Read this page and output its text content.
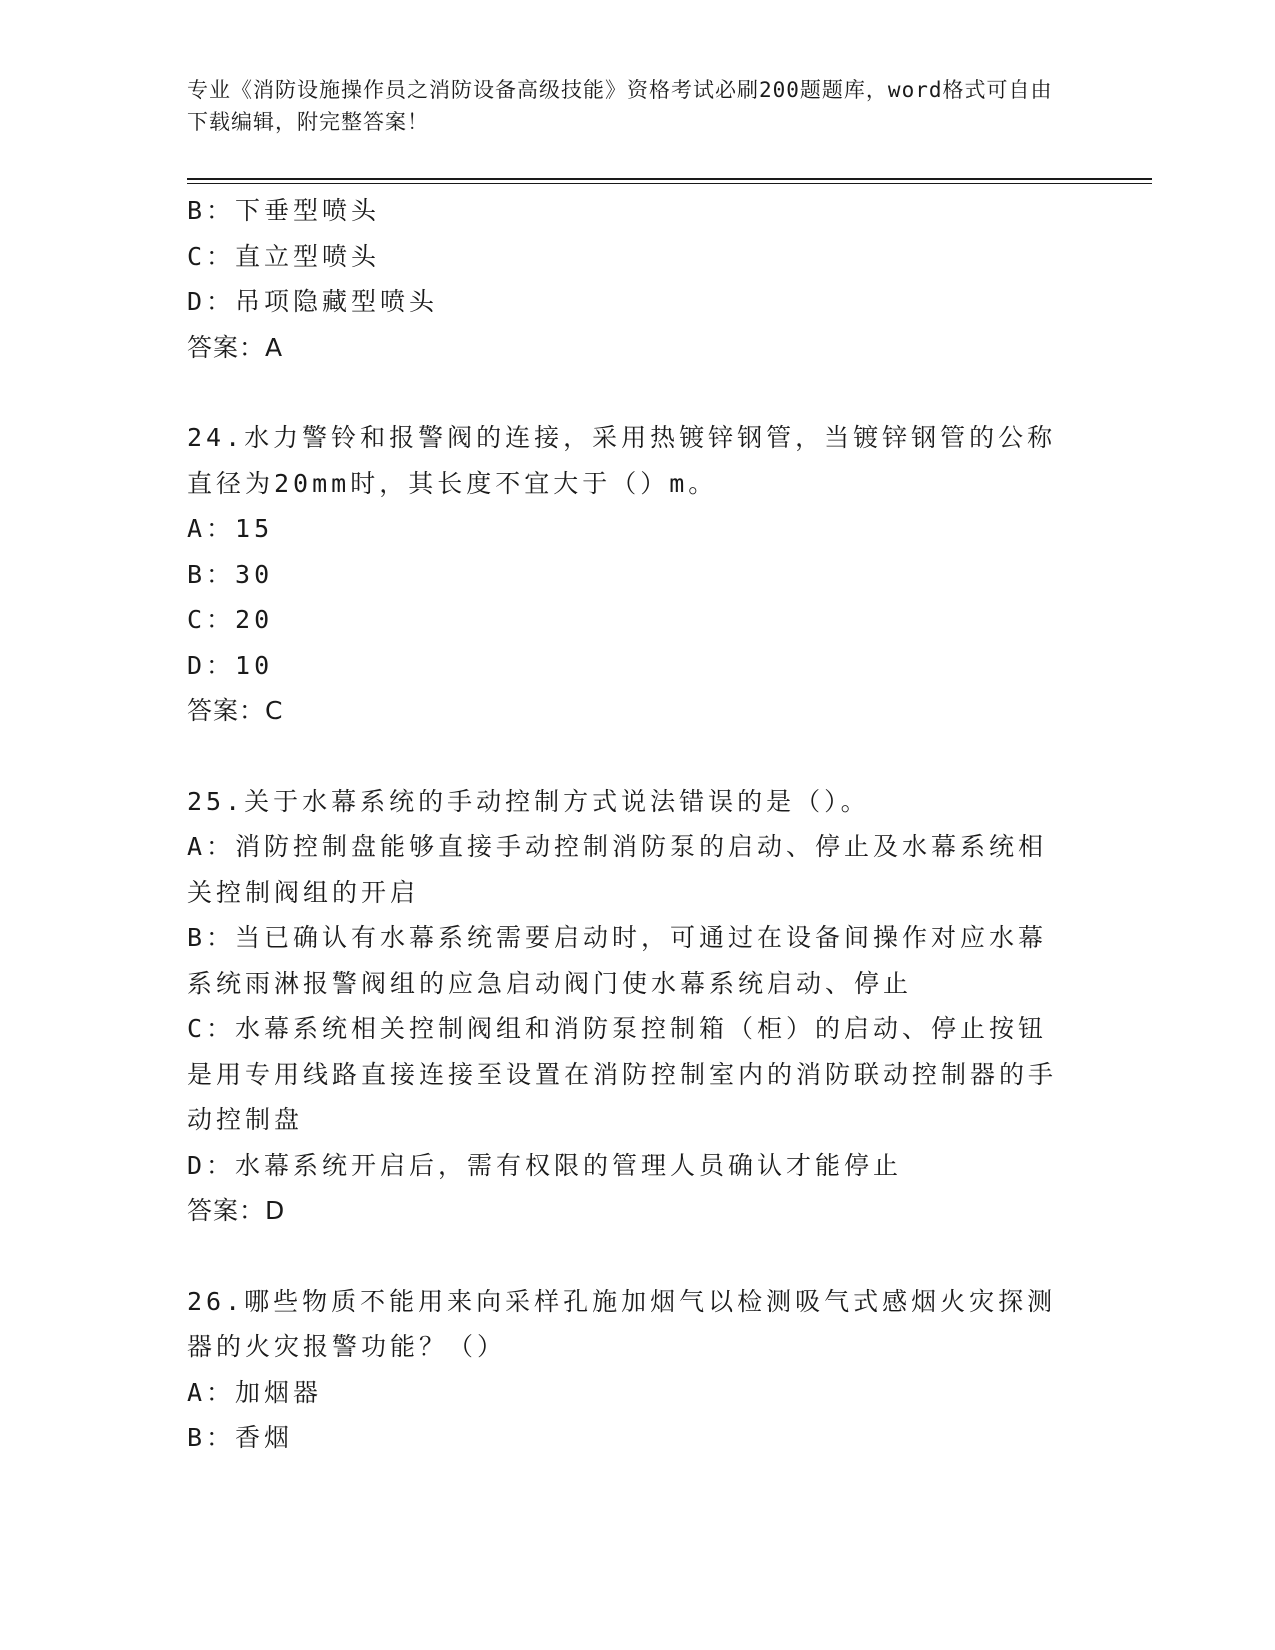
专业《消防设施操作员之消防设备高级技能》资格考试必刷200题题库，word格式可自由下载编辑，附完整答案！
B：下垂型喷头
C：直立型喷头
D：吊项隐藏型喷头
答案：A
24.水力警铃和报警阀的连接，采用热镀锌钢管，当镀锌钢管的公称直径为20mm时，其长度不宜大于（）m。
A：15
B：30
C：20
D：10
答案：C
25.关于水幕系统的手动控制方式说法错误的是（）。
A：消防控制盘能够直接手动控制消防泵的启动、停止及水幕系统相关控制阀组的开启
B：当已确认有水幕系统需要启动时，可通过在设备间操作对应水幕系统雨淋报警阀组的应急启动阀门使水幕系统启动、停止
C：水幕系统相关控制阀组和消防泵控制箱（柜）的启动、停止按钮是用专用线路直接连接至设置在消防控制室内的消防联动控制器的手动控制盘
D：水幕系统开启后，需有权限的管理人员确认才能停止
答案：D
26.哪些物质不能用来向采样孔施加烟气以检测吸气式感烟火灾探测器的火灾报警功能？（）
A：加烟器
B：香烟
